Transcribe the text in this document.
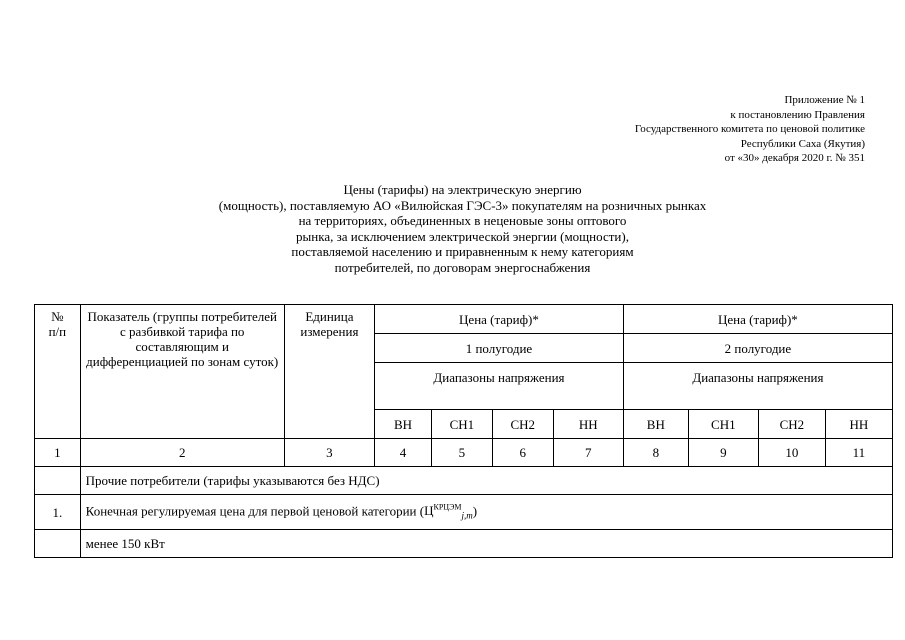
Приложение № 1
к постановлению Правления
Государственного комитета по ценовой политике
Республики Саха (Якутия)
от «30» декабря 2020 г. № 351
Цены (тарифы) на электрическую энергию
(мощность), поставляемую АО «Вилюйская ГЭС-3» покупателям на розничных рынках
на территориях, объединенных в неценовые зоны оптового
рынка, за исключением электрической энергии (мощности),
поставляемой населению и приравненным к нему категориям
потребителей, по договорам энергоснабжения
№
п/п	Показатель (группы потребителей с разбивкой тарифа по составляющим и дифференциацией по зонам суток)	Единица измерения	Цена (тариф)*				Цена (тариф)*			
			1 полугодие				2 полугодие			
			Диапазоны напряжения				Диапазоны напряжения			
			ВН	СН1	СН2	НН	ВН	СН1	СН2	НН
1	2	3	4	5	6	7	8	9	10	11
	Прочие потребители (тарифы указываются без НДС)									
1.	Конечная регулируемая цена для первой ценовой категории $(Ц^{КРЦЭМ}_{j,m})$									
	менее 150 кВт									
